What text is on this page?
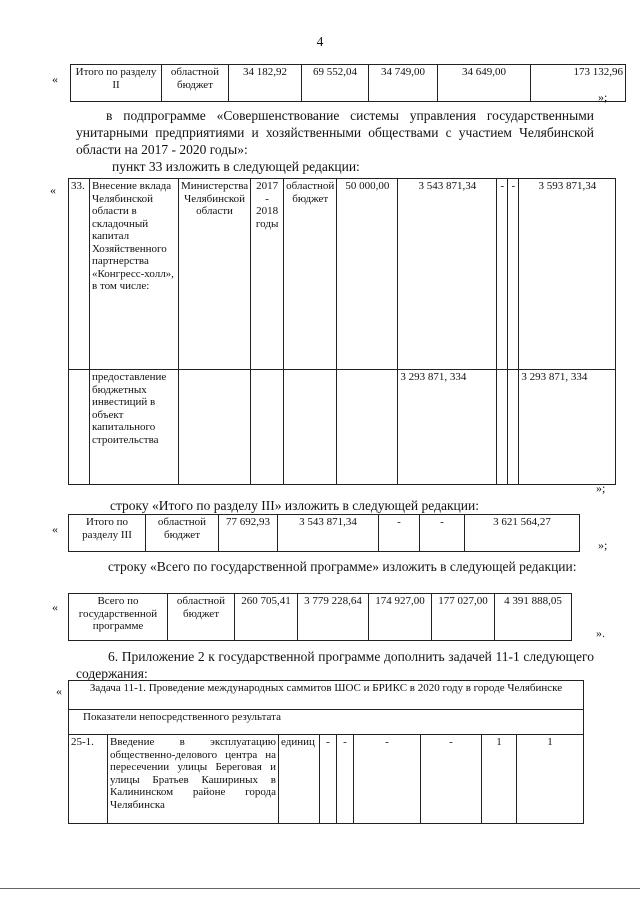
4
« Итого по разделу II	областной бюджет	34 182,92	69 552,04	34 749,00	34 649,00	173 132,96
»;
в подпрограмме «Совершенствование системы управления государственными унитарными предприятиями и хозяйственными обществами с участием Челябинской области на 2017 - 2020 годы»:
пункт 33 изложить в следующей редакции:
« 33.	Внесение вклада Челябинской области в складочный капитал Хозяйственного партнерства «Конгресс-холл», в том числе:	Министерства Челябинской области	2017 - 2018 годы	областной бюджет	50 000,00	3 543 871,34	-	-	3 593 871,34
	предоставление бюджетных инвестиций в объект капитального строительства					3 293 871, 334			3 293 871, 334
»;
строку «Итого по разделу III» изложить в следующей редакции:
«	Итого по разделу III	областной бюджет	77 692,93	3 543 871,34	-	-	3 621 564,27
»;
строку «Всего по государственной программе» изложить в следующей редакции:
«	Всего по государственной программе	областной бюджет	260 705,41	3 779 228,64	174 927,00	177 027,00	4 391 888,05
».
6. Приложение 2 к государственной программе дополнить задачей 11-1 следующего содержания:
«	Задача 11-1. Проведение международных саммитов ШОС и БРИКС в 2020 году в городе Челябинске
Показатели непосредственного результата
25-1.	Введение в эксплуатацию общественно-делового центра на пересечении улицы Береговая и улицы Братьев Кашириных в Калининском районе города Челябинска	единиц	-	-	-	-	1	1
